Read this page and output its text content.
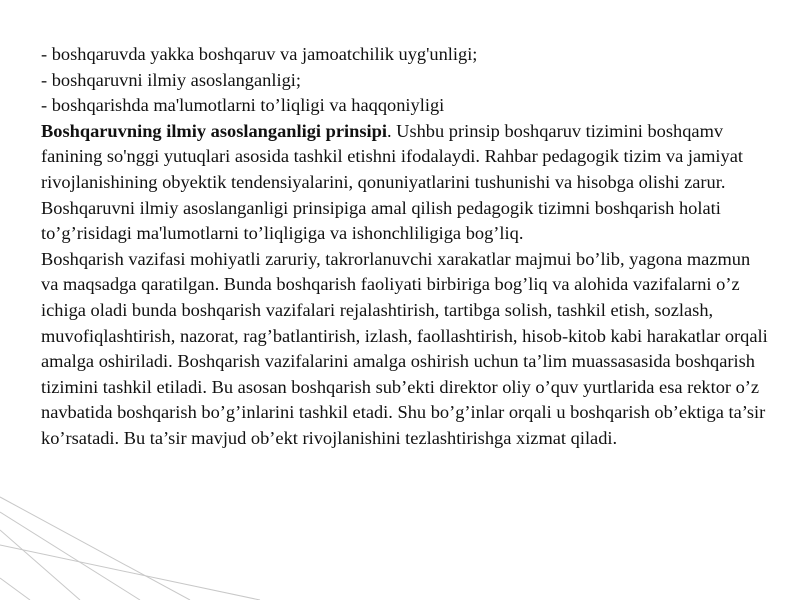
- boshqaruvda yakka boshqaruv va jamoatchilik uyg'unligi;

- boshqaruvni ilmiy asoslanganligi;

- boshqarishda ma'lumotlarni to’liqligi va haqqoniyligi

Boshqaruvning ilmiy asoslanganligi prinsipi. Ushbu prinsip boshqaruv tizimini boshqamv fanining so'nggi yutuqlari asosida tashkil etishni ifodalaydi. Rahbar pedagogik tizim va jamiyat rivojlanishining obyektik tendensiyalarini, qonuniyatlarini tushunishi va hisobga olishi zarur. Boshqaruvni ilmiy asoslanganligi prinsipiga amal qilish pedagogik tizimni boshqarish holati to’g’risidagi ma'lumotlarni to’liqligiga va ishonchliligiga bog’liq.

Boshqarish vazifasi mohiyatli zaruriy, takrorlanuvchi xarakatlar majmui bo’lib, yagona mazmun va maqsadga qaratilgan. Bunda boshqarish faoliyati birbiriga bog’liq va alohida vazifalarni o’z ichiga oladi bunda boshqarish vazifalari rejalashtirish, tartibga solish, tashkil etish, sozlash, muvofiqlashtirish, nazorat, rag’batlantirish, izlash, faollashtirish, hisob-kitob kabi harakatlar orqali amalga oshiriladi. Boshqarish vazifalarini amalga oshirish uchun ta’lim muassasasida boshqarish tizimini tashkil etiladi. Bu asosan boshqarish sub’ekti direktor oliy o’quv yurtlarida esa rektor o’z navbatida boshqarish bo’g’inlarini tashkil etadi. Shu bo’g’inlar orqali u boshqarish ob’ektiga ta’sir ko’rsatadi. Bu ta’sir mavjud ob’ekt rivojlanishini tezlashtirishga xizmat qiladi.
